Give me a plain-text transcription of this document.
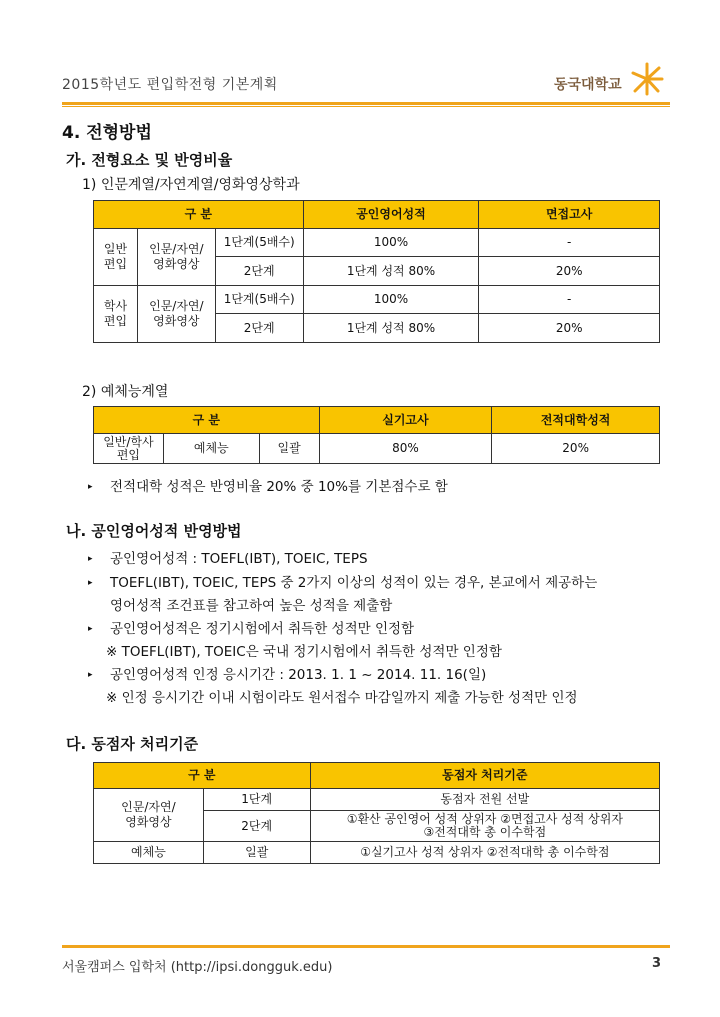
2015학년도 편입학전형 기본계획	동국대학교
4. 전형방법
가. 전형요소 및 반영비율
1) 인문계열/자연계열/영화영상학과
구 분			공인영어성적	면접고사
일반
편입	인문/자연/
영화영상	1단계(5배수)	100%	-
		2단계	1단계 성적 80%	20%
학사
편입	인문/자연/
영화영상	1단계(5배수)	100%	-
		2단계	1단계 성적 80%	20%
2) 예체능계열
구 분			실기고사	전적대학성적
일반/학사
편입	예체능	일괄	80%	20%
▸ 전적대학 성적은 반영비율 20% 중 10%를 기본점수로 함
나. 공인영어성적 반영방법
▸ 공인영어성적 : TOEFL(IBT), TOEIC, TEPS
▸ TOEFL(IBT), TOEIC, TEPS 중 2가지 이상의 성적이 있는 경우, 본교에서 제공하는
영어성적 조건표를 참고하여 높은 성적을 제출함
▸ 공인영어성적은 정기시험에서 취득한 성적만 인정함
※ TOEFL(IBT), TOEIC은 국내 정기시험에서 취득한 성적만 인정함
▸ 공인영어성적 인정 응시기간 : 2013. 1. 1 ~ 2014. 11. 16(일)
※ 인정 응시기간 이내 시험이라도 원서접수 마감일까지 제출 가능한 성적만 인정
다. 동점자 처리기준
구 분		동점자 처리기준
인문/자연/
영화영상	1단계	동점자 전원 선발
	2단계	①환산 공인영어 성적 상위자 ②면접고사 성적 상위자
③전적대학 총 이수학점
예체능	일괄	①실기고사 성적 상위자 ②전적대학 총 이수학점
서울캠퍼스 입학처 (http://ipsi.dongguk.edu)	3
